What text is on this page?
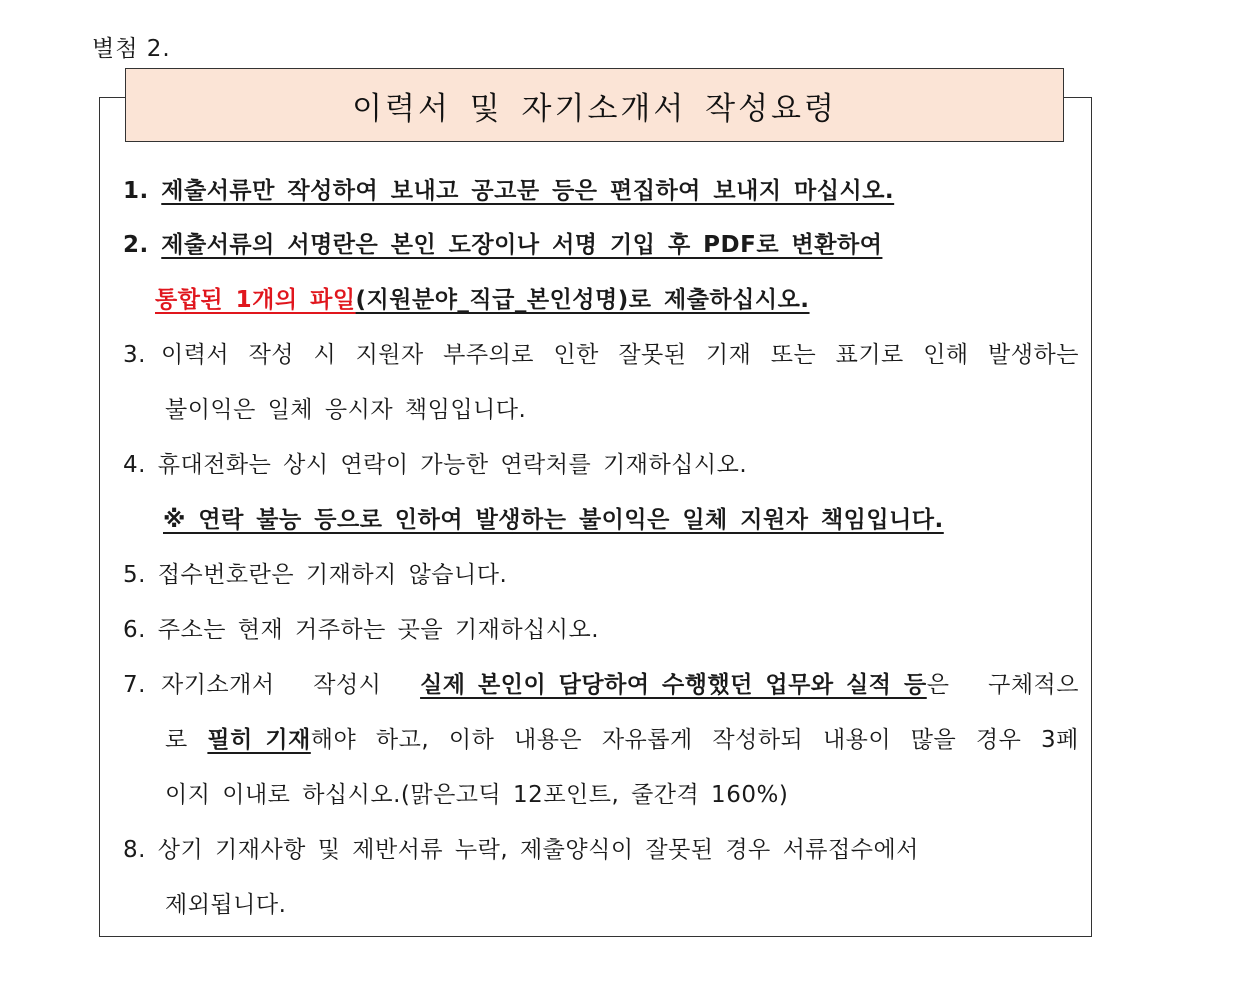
별첨 2.
이력서 및 자기소개서 작성요령
1. 제출서류만 작성하여 보내고 공고문 등은 편집하여 보내지 마십시오.
2. 제출서류의 서명란은 본인 도장이나 서명 기입 후 PDF로 변환하여
통합된 1개의 파일(지원분야_직급_본인성명)로 제출하십시오.
3. 이력서 작성 시 지원자 부주의로 인한 잘못된 기재 또는 표기로 인해 발생하는
불이익은 일체 응시자 책임입니다.
4. 휴대전화는 상시 연락이 가능한 연락처를 기재하십시오.
※ 연락 불능 등으로 인하여 발생하는 불이익은 일체 지원자 책임입니다.
5. 접수번호란은 기재하지 않습니다.
6. 주소는 현재 거주하는 곳을 기재하십시오.
7. 자기소개서 작성시 실제 본인이 담당하여 수행했던 업무와 실적 등은 구체적으
로 필히 기재해야 하고, 이하 내용은 자유롭게 작성하되 내용이 많을 경우 3페
이지 이내로 하십시오.(맑은고딕 12포인트, 줄간격 160%)
8. 상기 기재사항 및 제반서류 누락, 제출양식이 잘못된 경우 서류접수에서
제외됩니다.
